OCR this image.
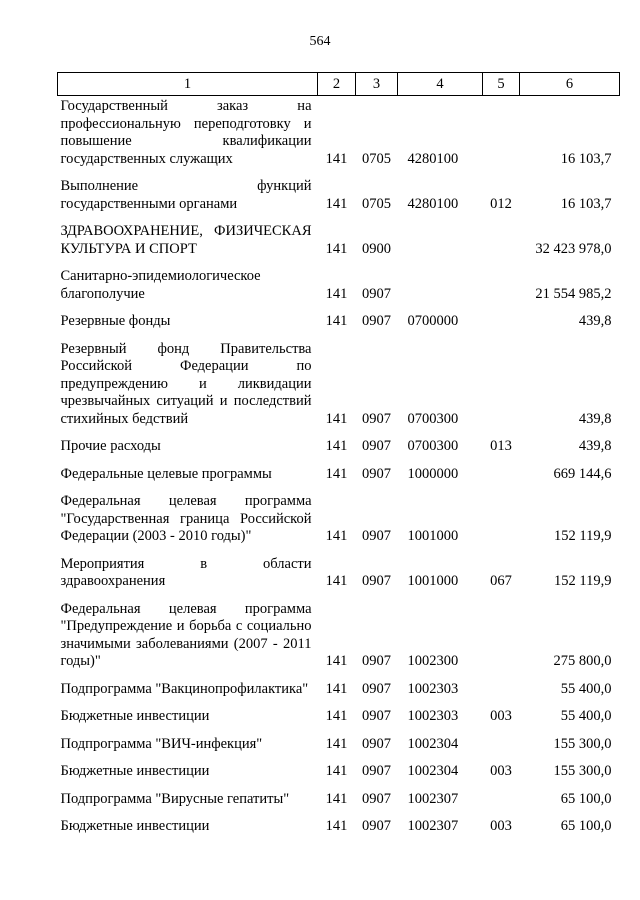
564
1	2	3	4	5	6
Государственный заказ на профессиональную переподготовку и повышение квалификации государственных служащих	141	0705	4280100		16 103,7
Выполнение функций государственными органами	141	0705	4280100	012	16 103,7
ЗДРАВООХРАНЕНИЕ, ФИЗИЧЕСКАЯ КУЛЬТУРА И СПОРТ	141	0900			32 423 978,0
Санитарно-эпидемиологическое благополучие	141	0907			21 554 985,2
Резервные фонды	141	0907	0700000		439,8
Резервный фонд Правительства Российской Федерации по предупреждению и ликвидации чрезвычайных ситуаций и последствий стихийных бедствий	141	0907	0700300		439,8
Прочие расходы	141	0907	0700300	013	439,8
Федеральные целевые программы	141	0907	1000000		669 144,6
Федеральная целевая программа "Государственная граница Российской Федерации (2003 - 2010 годы)"	141	0907	1001000		152 119,9
Мероприятия в области здравоохранения	141	0907	1001000	067	152 119,9
Федеральная целевая программа "Предупреждение и борьба с социально значимыми заболеваниями (2007 - 2011 годы)"	141	0907	1002300		275 800,0
Подпрограмма "Вакцинопрофилактика"	141	0907	1002303		55 400,0
Бюджетные инвестиции	141	0907	1002303	003	55 400,0
Подпрограмма "ВИЧ-инфекция"	141	0907	1002304		155 300,0
Бюджетные инвестиции	141	0907	1002304	003	155 300,0
Подпрограмма "Вирусные гепатиты"	141	0907	1002307		65 100,0
Бюджетные инвестиции	141	0907	1002307	003	65 100,0
